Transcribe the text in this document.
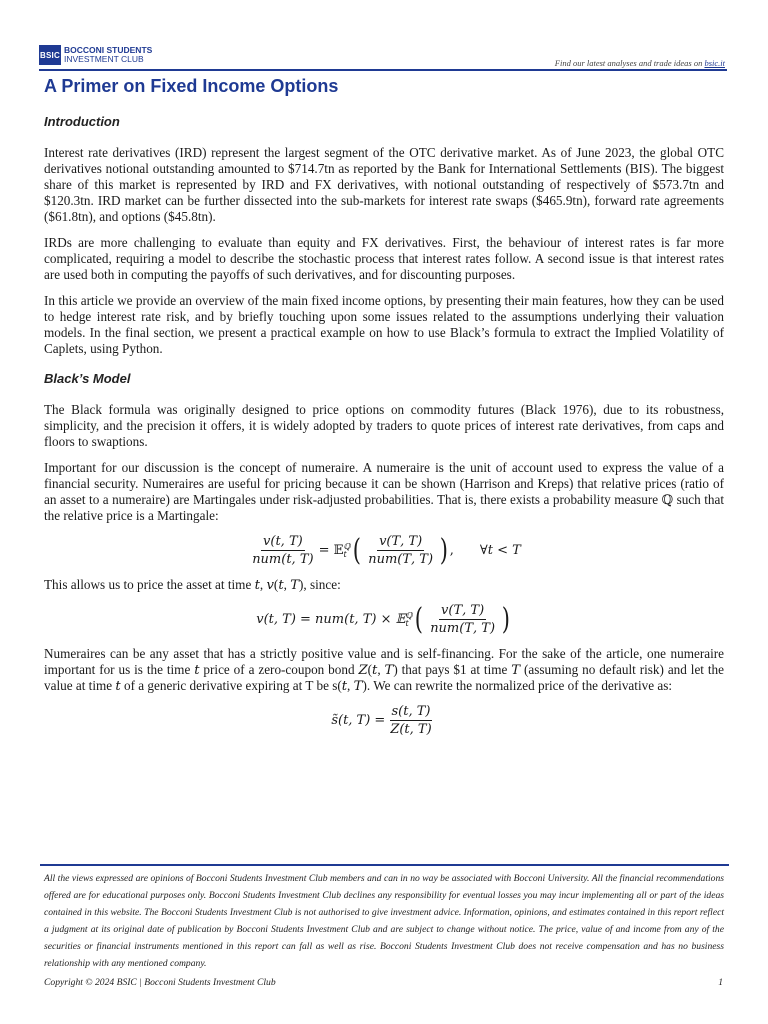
BSIC BOCCONI STUDENTS
INVESTMENT CLUB	Find our latest analyses and trade ideas on bsic.it
A Primer on Fixed Income Options
Introduction

Interest rate derivatives (IRD) represent the largest segment of the OTC derivative market. As of June 2023, the global OTC derivatives notional outstanding amounted to $714.7tn as reported by the Bank for International Settlements (BIS). The biggest share of this market is represented by IRD and FX derivatives, with notional outstanding of respectively of $573.7tn and $120.3tn. IRD market can be further dissected into the sub-markets for interest rate swaps ($465.9tn), forward rate agreements ($61.8tn), and options ($45.8tn).

IRDs are more challenging to evaluate than equity and FX derivatives. First, the behaviour of interest rates is far more complicated, requiring a model to describe the stochastic process that interest rates follow. A second issue is that interest rates are used both in computing the payoffs of such derivatives, and for discounting purposes.

In this article we provide an overview of the main fixed income options, by presenting their main features, how they can be used to hedge interest rate risk, and by briefly touching upon some issues related to the assumptions underlying their valuation models. In the final section, we present a practical example on how to use Black’s formula to extract the Implied Volatility of Caplets, using Python.

Black’s Model

The Black formula was originally designed to price options on commodity futures (Black 1976), due to its robustness, simplicity, and the precision it offers, it is widely adopted by traders to quote prices of interest rate derivatives, from caps and floors to swaptions.

Important for our discussion is the concept of numeraire. A numeraire is the unit of account used to express the value of a financial security. Numeraires are useful for pricing because it can be shown (Harrison and Kreps) that relative prices (ratio of an asset to a numeraire) are Martingales under risk-adjusted probabilities. That is, there exists a probability measure ℚ such that the relative price is a Martingale:

$\frac{\text{𝑣(𝑡, 𝑇)}}{\text{𝑛𝑢𝑚(𝑡, 𝑇)}}$ = 𝔼 ℚ
𝑡 ( $\frac{\text{𝑣(𝑇, 𝑇)}}{\text{𝑛𝑢𝑚(𝑇, 𝑇)}}$ ) , ∀𝑡 < 𝑇

This allows us to price the asset at time 𝑡, 𝑣(𝑡, 𝑇), since:

𝑣(𝑡, 𝑇) = 𝑛𝑢𝑚(𝑡, 𝑇) × 𝔼 ℚ
𝑡 ( $\frac{\text{𝑣(𝑇, 𝑇)}}{\text{𝑛𝑢𝑚(𝑇, 𝑇)}}$ )

Numeraires can be any asset that has a strictly positive value and is self-financing. For the sake of the article, one numeraire important for us is the time 𝑡 price of a zero-coupon bond 𝑍(𝑡, 𝑇) that pays $1 at time 𝑇 (assuming no default risk) and let the value at time 𝑡 of a generic derivative expiring at T be s(𝑡, 𝑇). We can rewrite the normalized price of the derivative as:

𝑠̃(𝑡, 𝑇) = $\frac{\text{𝑠(𝑡, 𝑇)}}{\text{𝑍(𝑡, 𝑇)}}$

All the views expressed are opinions of Bocconi Students Investment Club members and can in no way be associated with Bocconi University. All the financial recommendations offered are for educational purposes only. Bocconi Students Investment Club declines any responsibility for eventual losses you may incur implementing all or part of the ideas contained in this website. The Bocconi Students Investment Club is not authorised to give investment advice. Information, opinions, and estimates contained in this report reflect a judgment at its original date of publication by Bocconi Students Investment Club and are subject to change without notice. The price, value of and income from any of the securities or financial instruments mentioned in this report can fall as well as rise. Bocconi Students Investment Club does not receive compensation and has no business relationship with any mentioned company.

Copyright © 2024 BSIC | Bocconi Students Investment Club	1
